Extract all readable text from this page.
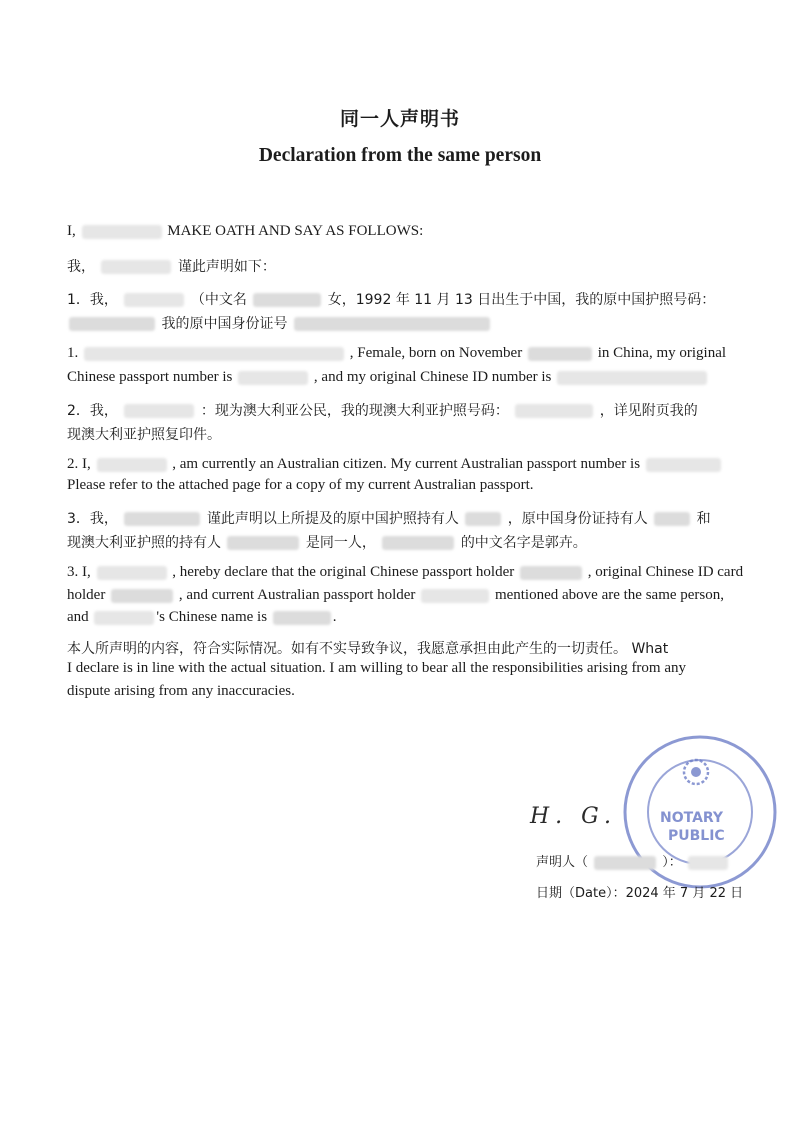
同一人声明书
Declaration from the same person
I,	MAKE OATH AND SAY AS FOLLOWS:
我，	谨此声明如下：
1．我，	（中文名	女，1992 年 11 月 13 日出生于中国，我的原中国护照号码：
我的原中国身份证号
1.	, Female, born on November	in China, my original
Chinese passport number is	, and my original Chinese ID number is
2．我，	：现为澳大利亚公民，我的现澳大利亚护照号码：	，详见附页我的
现澳大利亚护照复印件。
2. I,	, am currently an Australian citizen. My current Australian passport number is
Please refer to the attached page for a copy of my current Australian passport.
3．我，	谨此声明以上所提及的原中国护照持有人	，原中国身份证持有人	和
现澳大利亚护照的持有人	是同一人，	的中文名字是郭卉。
3. I,	, hereby declare that the original Chinese passport holder	, original Chinese ID card
holder	, and current Australian passport holder	mentioned above are the same person,
and	's Chinese name is	.
本人所声明的内容，符合实际情况。如有不实导致争议，我愿意承担由此产生的一切责任。 What
I declare is in line with the actual situation. I am willing to bear all the responsibilities arising from any
dispute arising from any inaccuracies.
NOTARY
PUBLIC
H. G.
声明人（	）：
日期（Date）：2024 年 7 月 22 日
